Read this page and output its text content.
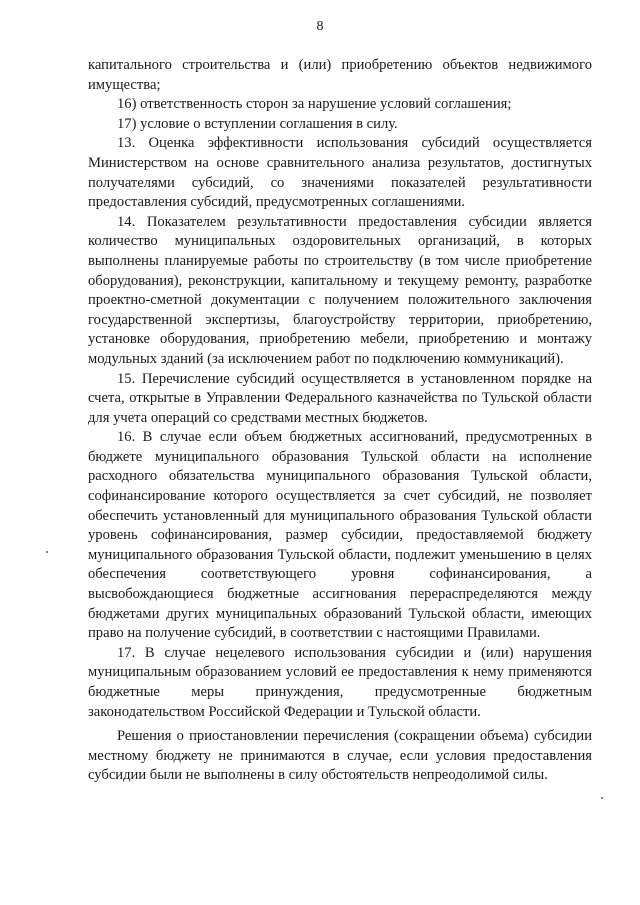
8

капитального строительства и (или) приобретению объектов недвижимого имущества;

16) ответственность сторон за нарушение условий соглашения;

17) условие о вступлении соглашения в силу.

13. Оценка эффективности использования субсидий осуществляется Министерством на основе сравнительного анализа результатов, достигнутых получателями субсидий, со значениями показателей результативности предоставления субсидий, предусмотренных соглашениями.

14. Показателем результативности предоставления субсидии является количество муниципальных оздоровительных организаций, в которых выполнены планируемые работы по строительству (в том числе приобретение оборудования), реконструкции, капитальному и текущему ремонту, разработке проектно-сметной документации с получением положительного заключения государственной экспертизы, благоустройству территории, приобретению, установке оборудования, приобретению мебели, приобретению и монтажу модульных зданий (за исключением работ по подключению коммуникаций).

15. Перечисление субсидий осуществляется в установленном порядке на счета, открытые в Управлении Федерального казначейства по Тульской области для учета операций со средствами местных бюджетов.

16. В случае если объем бюджетных ассигнований, предусмотренных в бюджете муниципального образования Тульской области на исполнение расходного обязательства муниципального образования Тульской области, софинансирование которого осуществляется за счет субсидий, не позволяет обеспечить установленный для муниципального образования Тульской области уровень софинансирования, размер субсидии, предоставляемой бюджету муниципального образования Тульской области, подлежит уменьшению в целях обеспечения соответствующего уровня софинансирования, а высвобождающиеся бюджетные ассигнования перераспределяются между бюджетами других муниципальных образований Тульской области, имеющих право на получение субсидий, в соответствии с настоящими Правилами.

17. В случае нецелевого использования субсидии и (или) нарушения муниципальным образованием условий ее предоставления к нему применяются бюджетные меры принуждения, предусмотренные бюджетным законодательством Российской Федерации и Тульской области.

Решения о приостановлении перечисления (сокращении объема) субсидии местному бюджету не принимаются в случае, если условия предоставления субсидии были не выполнены в силу обстоятельств непреодолимой силы.
